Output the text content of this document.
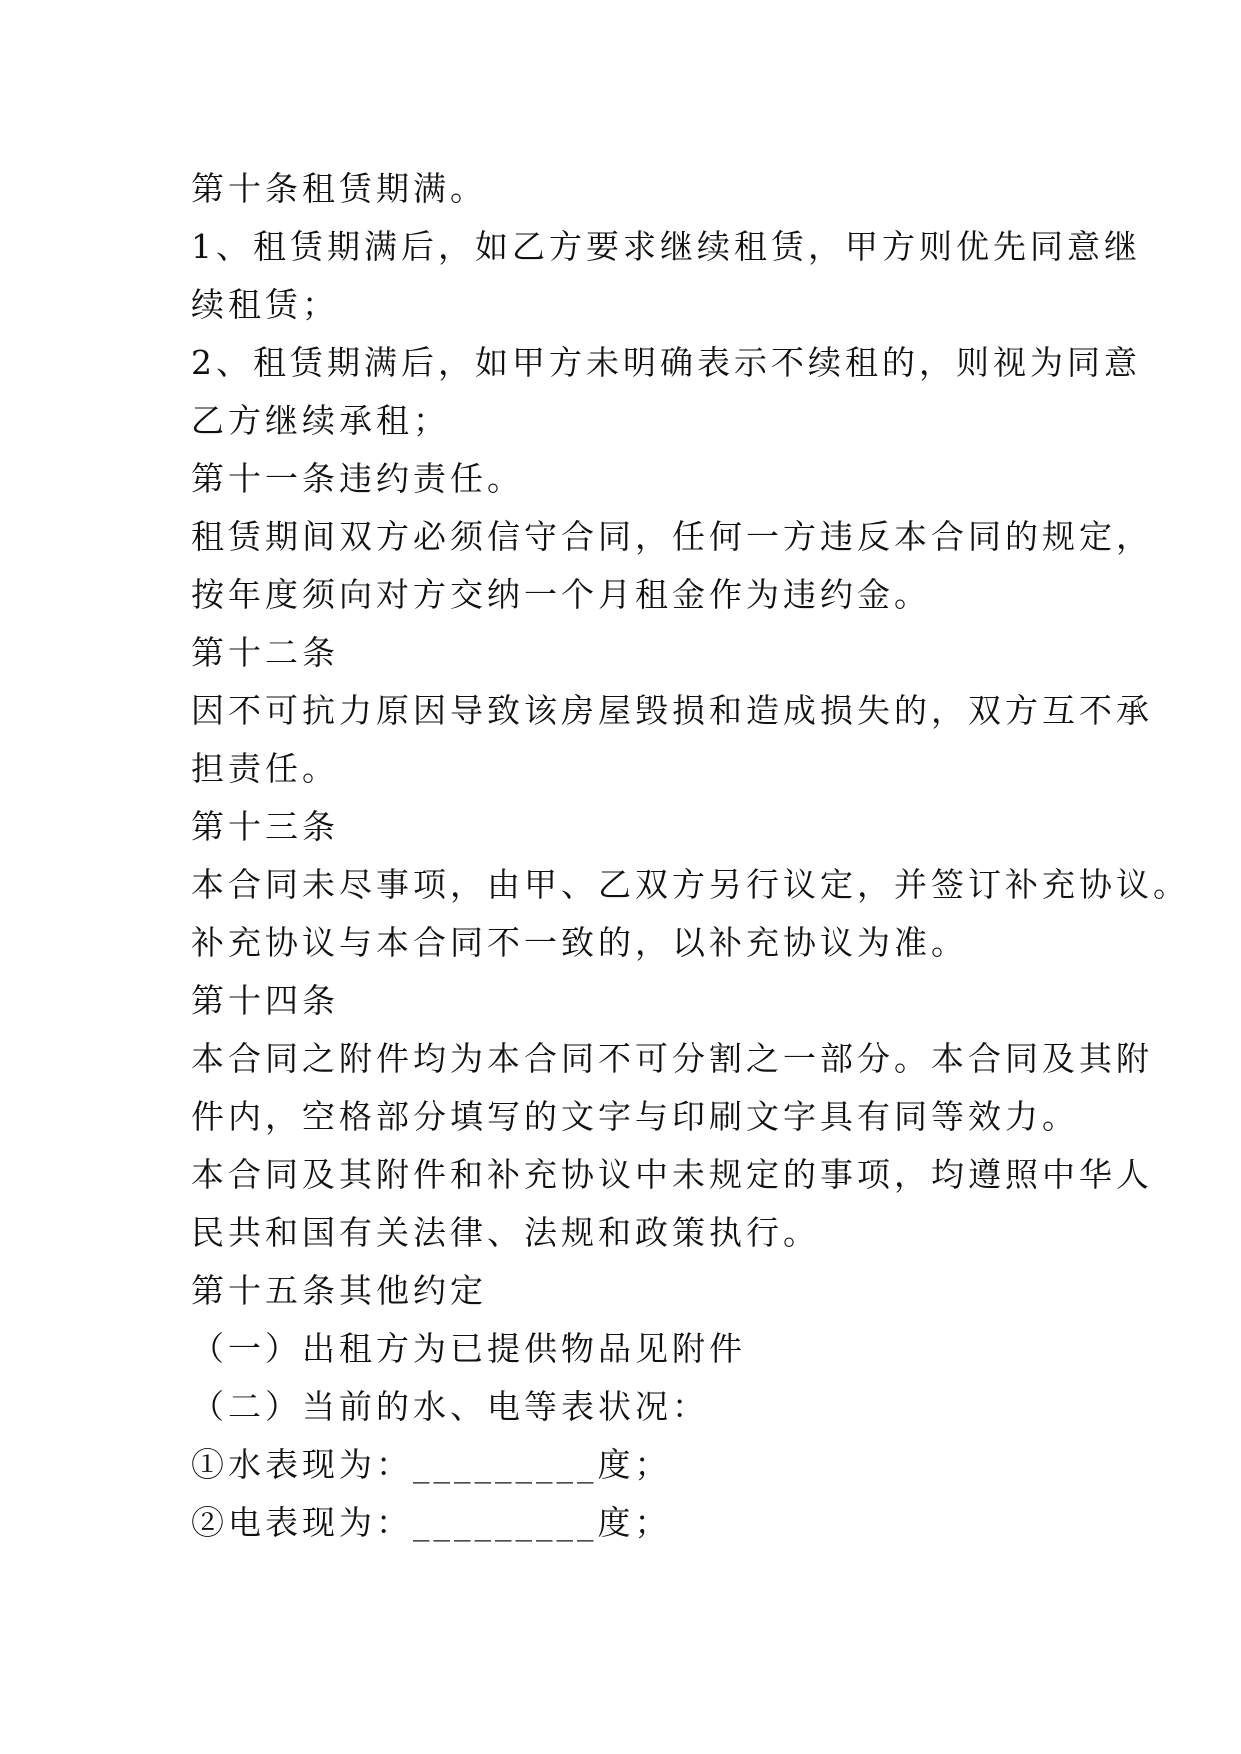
第十条租赁期满。
1、租赁期满后，如乙方要求继续租赁，甲方则优先同意继
续租赁；
2、租赁期满后，如甲方未明确表示不续租的，则视为同意
乙方继续承租；
第十一条违约责任。
租赁期间双方必须信守合同，任何一方违反本合同的规定，
按年度须向对方交纳一个月租金作为违约金。
第十二条
因不可抗力原因导致该房屋毁损和造成损失的，双方互不承
担责任。
第十三条
本合同未尽事项，由甲、乙双方另行议定，并签订补充协议。
补充协议与本合同不一致的，以补充协议为准。
第十四条
本合同之附件均为本合同不可分割之一部分。本合同及其附
件内，空格部分填写的文字与印刷文字具有同等效力。
本合同及其附件和补充协议中未规定的事项，均遵照中华人
民共和国有关法律、法规和政策执行。
第十五条其他约定
（一）出租方为已提供物品见附件
（二）当前的水、电等表状况：
①水表现为：_________度；
②电表现为：_________度；
